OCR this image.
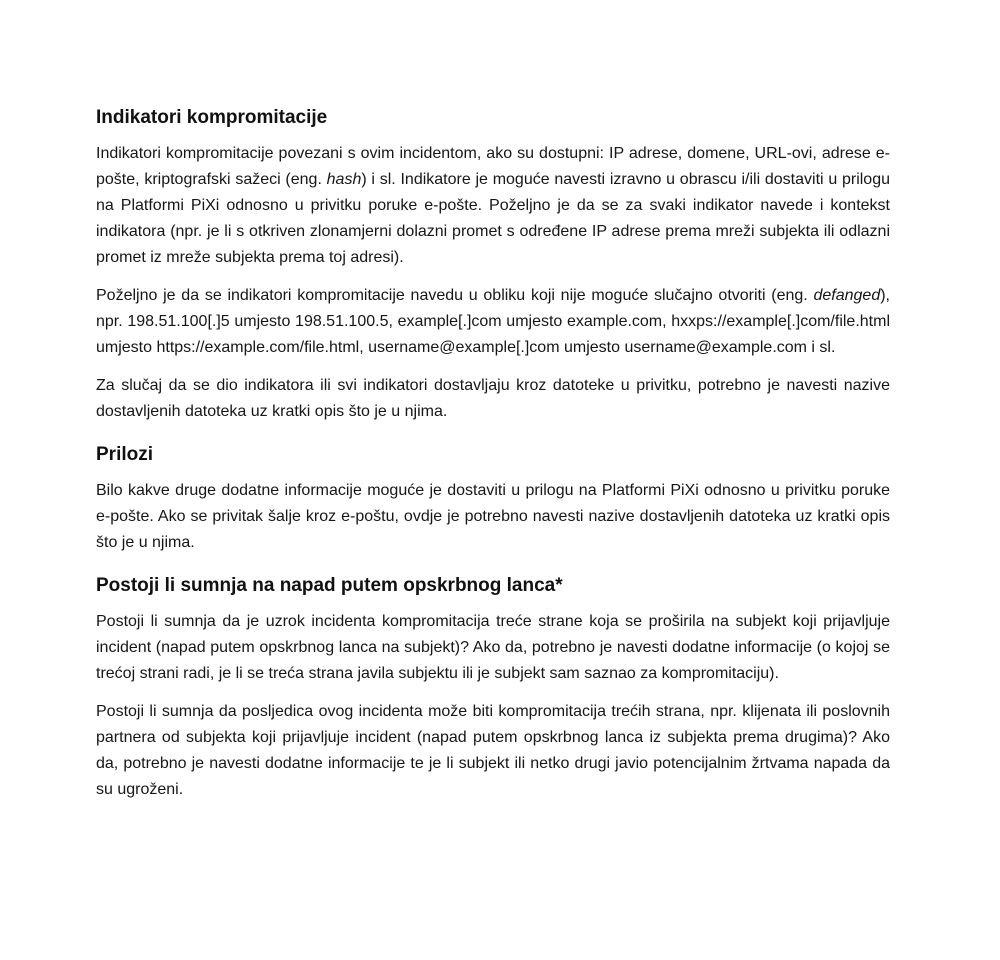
Indikatori kompromitacije

Indikatori kompromitacije povezani s ovim incidentom, ako su dostupni: IP adrese, domene, URL-ovi, adrese e-pošte, kriptografski sažeci (eng. hash) i sl. Indikatore je moguće navesti izravno u obrascu i/ili dostaviti u prilogu na Platformi PiXi odnosno u privitku poruke e-pošte. Poželjno je da se za svaki indikator navede i kontekst indikatora (npr. je li s otkriven zlonamjerni dolazni promet s određene IP adrese prema mreži subjekta ili odlazni promet iz mreže subjekta prema toj adresi).

Poželjno je da se indikatori kompromitacije navedu u obliku koji nije moguće slučajno otvoriti (eng. defanged), npr. 198.51.100[.]5 umjesto 198.51.100.5, example[.]com umjesto example.com, hxxps://example[.]com/file.html umjesto https://example.com/file.html, username@example[.]com umjesto username@example.com i sl.

Za slučaj da se dio indikatora ili svi indikatori dostavljaju kroz datoteke u privitku, potrebno je navesti nazive dostavljenih datoteka uz kratki opis što je u njima.

Prilozi

Bilo kakve druge dodatne informacije moguće je dostaviti u prilogu na Platformi PiXi odnosno u privitku poruke e-pošte. Ako se privitak šalje kroz e-poštu, ovdje je potrebno navesti nazive dostavljenih datoteka uz kratki opis što je u njima.

Postoji li sumnja na napad putem opskrbnog lanca*

Postoji li sumnja da je uzrok incidenta kompromitacija treće strane koja se proširila na subjekt koji prijavljuje incident (napad putem opskrbnog lanca na subjekt)? Ako da, potrebno je navesti dodatne informacije (o kojoj se trećoj strani radi, je li se treća strana javila subjektu ili je subjekt sam saznao za kompromitaciju).

Postoji li sumnja da posljedica ovog incidenta može biti kompromitacija trećih strana, npr. klijenata ili poslovnih partnera od subjekta koji prijavljuje incident (napad putem opskrbnog lanca iz subjekta prema drugima)? Ako da, potrebno je navesti dodatne informacije te je li subjekt ili netko drugi javio potencijalnim žrtvama napada da su ugroženi.
